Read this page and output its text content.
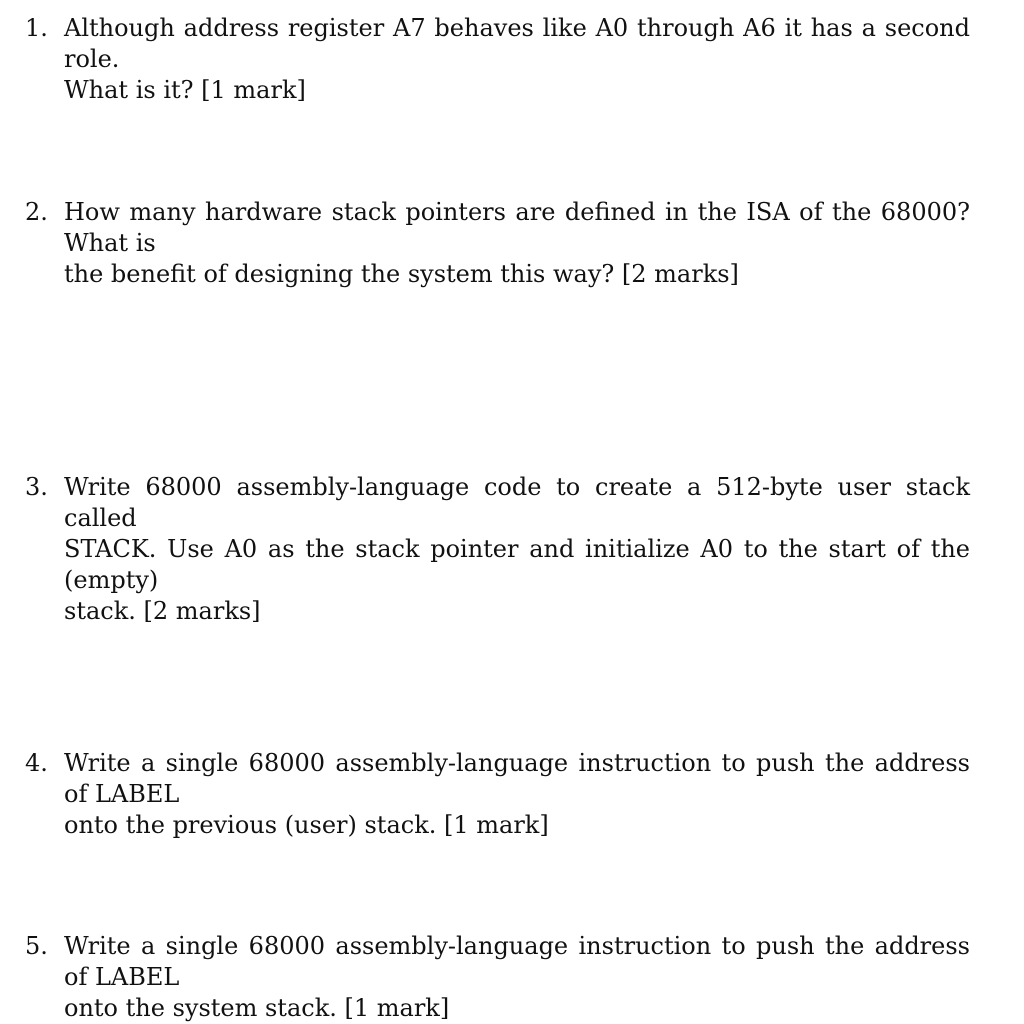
1. Although address register A7 behaves like A0 through A6 it has a second role.
What is it? [1 mark]
2. How many hardware stack pointers are defined in the ISA of the 68000? What is
the benefit of designing the system this way? [2 marks]
3. Write 68000 assembly-language code to create a 512-byte user stack called
STACK. Use A0 as the stack pointer and initialize A0 to the start of the (empty)
stack. [2 marks]
4. Write a single 68000 assembly-language instruction to push the address of LABEL
onto the previous (user) stack. [1 mark]
5. Write a single 68000 assembly-language instruction to push the address of LABEL
onto the system stack. [1 mark]
